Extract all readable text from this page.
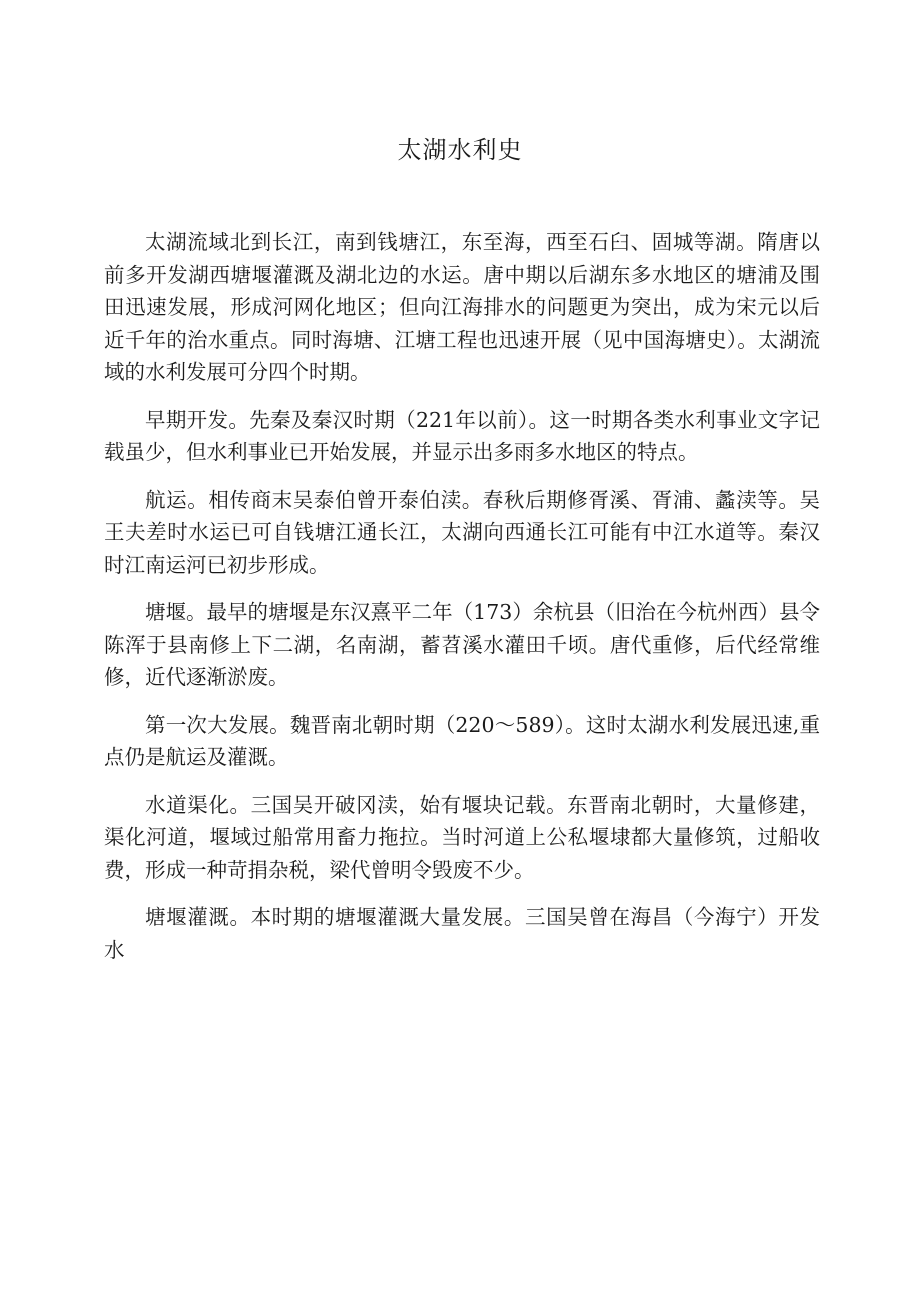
太湖水利史

太湖流域北到长江，南到钱塘江，东至海，西至石臼、固城等湖。隋唐以前多开发湖西塘堰灌溉及湖北边的水运。唐中期以后湖东多水地区的塘浦及围田迅速发展，形成河网化地区；但向江海排水的问题更为突出，成为宋元以后近千年的治水重点。同时海塘、江塘工程也迅速开展（见中国海塘史）。太湖流域的水利发展可分四个时期。

早期开发。先秦及秦汉时期（221年以前）。这一时期各类水利事业文字记载虽少，但水利事业已开始发展，并显示出多雨多水地区的特点。

航运。相传商末吴泰伯曾开泰伯渎。春秋后期修胥溪、胥浦、蠡渎等。吴王夫差时水运已可自钱塘江通长江，太湖向西通长江可能有中江水道等。秦汉时江南运河已初步形成。

塘堰。最早的塘堰是东汉熹平二年（173）余杭县（旧治在今杭州西）县令陈浑于县南修上下二湖，名南湖，蓄苕溪水灌田千顷。唐代重修，后代经常维修，近代逐渐淤废。

第一次大发展。魏晋南北朝时期（220～589）。这时太湖水利发展迅速,重点仍是航运及灌溉。

水道渠化。三国吴开破冈渎，始有堰块记载。东晋南北朝时，大量修建，渠化河道，堰域过船常用畜力拖拉。当时河道上公私堰埭都大量修筑，过船收费，形成一种苛捐杂税，梁代曾明令毁废不少。

塘堰灌溉。本时期的塘堰灌溉大量发展。三国吴曾在海昌（今海宁）开发水
